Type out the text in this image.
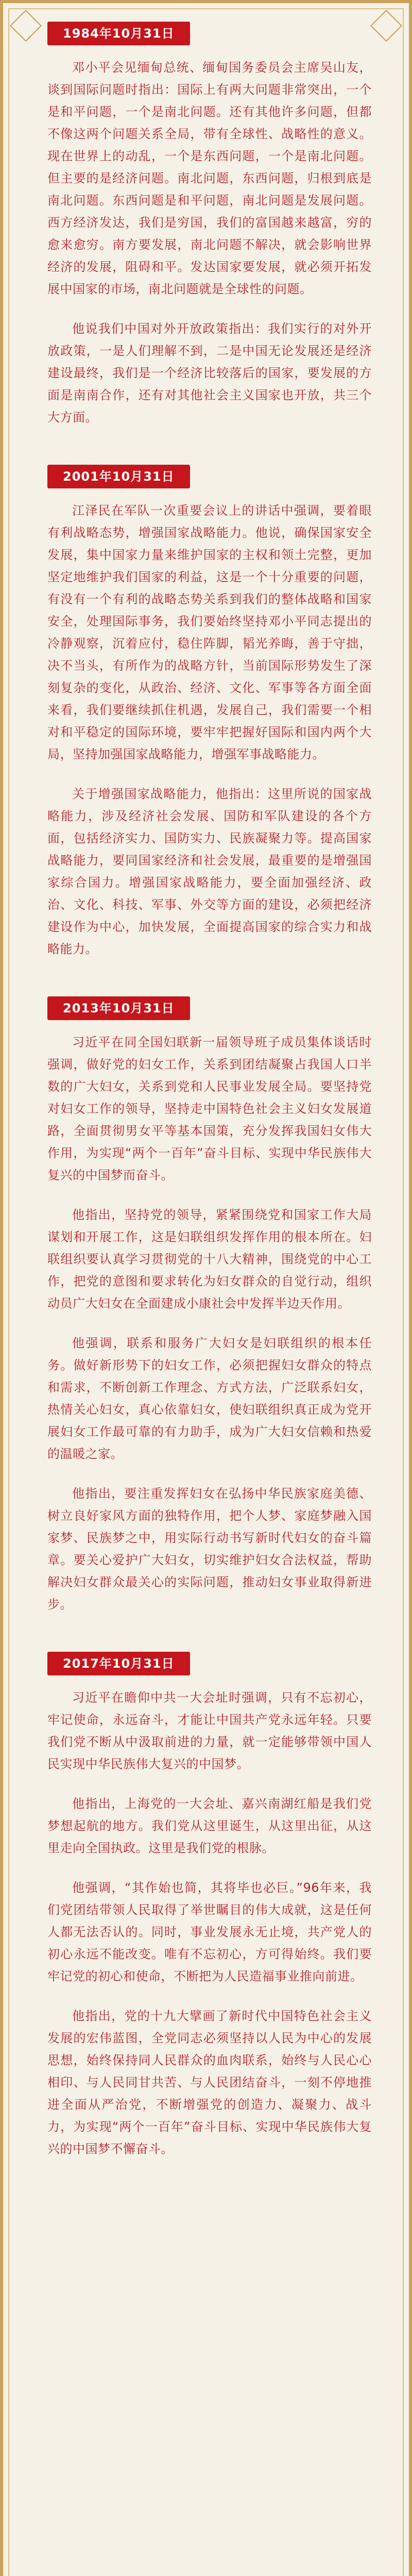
1984年10月31日

邓小平会见缅甸总统、缅甸国务委员会主席吴山友，谈到国际问题时指出：国际上有两大问题非常突出，一个是和平问题，一个是南北问题。还有其他许多问题，但都不像这两个问题关系全局，带有全球性、战略性的意义。现在世界上的动乱，一个是东西问题，一个是南北问题。但主要的是经济问题。南北问题，东西问题，归根到底是南北问题。东西问题是和平问题，南北问题是发展问题。西方经济发达，我们是穷国，我们的富国越来越富，穷的愈来愈穷。南方要发展，南北问题不解决，就会影响世界经济的发展，阻碍和平。发达国家要发展，就必须开拓发展中国家的市场，南北问题就是全球性的问题。

他说我们中国对外开放政策指出：我们实行的对外开放政策，一是人们理解不到，二是中国无论发展还是经济建设最终，我们是一个经济比较落后的国家，要发展的方面是南南合作，还有对其他社会主义国家也开放，共三个大方面。

2001年10月31日

江泽民在军队一次重要会议上的讲话中强调，要着眼有利战略态势，增强国家战略能力。他说，确保国家安全发展，集中国家力量来维护国家的主权和领土完整，更加坚定地维护我们国家的利益，这是一个十分重要的问题，有没有一个有利的战略态势关系到我们的整体战略和国家安全，处理国际事务，我们要始终坚持邓小平同志提出的冷静观察，沉着应付，稳住阵脚，韬光养晦，善于守拙，决不当头，有所作为的战略方针，当前国际形势发生了深刻复杂的变化，从政治、经济、文化、军事等各方面全面来看，我们要继续抓住机遇，发展自己，我们需要一个相对和平稳定的国际环境，要牢牢把握好国际和国内两个大局，坚持加强国家战略能力，增强军事战略能力。

关于增强国家战略能力，他指出：这里所说的国家战略能力，涉及经济社会发展、国防和军队建设的各个方面，包括经济实力、国防实力、民族凝聚力等。提高国家战略能力，要同国家经济和社会发展，最重要的是增强国家综合国力。增强国家战略能力，要全面加强经济、政治、文化、科技、军事、外交等方面的建设，必须把经济建设作为中心，加快发展，全面提高国家的综合实力和战略能力。

2013年10月31日

习近平在同全国妇联新一届领导班子成员集体谈话时强调，做好党的妇女工作，关系到团结凝聚占我国人口半数的广大妇女，关系到党和人民事业发展全局。要坚持党对妇女工作的领导，坚持走中国特色社会主义妇女发展道路，全面贯彻男女平等基本国策，充分发挥我国妇女伟大作用，为实现“两个一百年”奋斗目标、实现中华民族伟大复兴的中国梦而奋斗。

他指出，坚持党的领导，紧紧围绕党和国家工作大局谋划和开展工作，这是妇联组织发挥作用的根本所在。妇联组织要认真学习贯彻党的十八大精神，围绕党的中心工作，把党的意图和要求转化为妇女群众的自觉行动，组织动员广大妇女在全面建成小康社会中发挥半边天作用。

他强调，联系和服务广大妇女是妇联组织的根本任务。做好新形势下的妇女工作，必须把握妇女群众的特点和需求，不断创新工作理念、方式方法，广泛联系妇女，热情关心妇女，真心依靠妇女，使妇联组织真正成为党开展妇女工作最可靠的有力助手，成为广大妇女信赖和热爱的温暖之家。

他指出，要注重发挥妇女在弘扬中华民族家庭美德、树立良好家风方面的独特作用，把个人梦、家庭梦融入国家梦、民族梦之中，用实际行动书写新时代妇女的奋斗篇章。要关心爱护广大妇女，切实维护妇女合法权益，帮助解决妇女群众最关心的实际问题，推动妇女事业取得新进步。

2017年10月31日

习近平在瞻仰中共一大会址时强调，只有不忘初心，牢记使命，永远奋斗，才能让中国共产党永远年轻。只要我们党不断从中汲取前进的力量，就一定能够带领中国人民实现中华民族伟大复兴的中国梦。

他指出，上海党的一大会址、嘉兴南湖红船是我们党梦想起航的地方。我们党从这里诞生，从这里出征，从这里走向全国执政。这里是我们党的根脉。

他强调，“其作始也简，其将毕也必巨。”96年来，我们党团结带领人民取得了举世瞩目的伟大成就，这是任何人都无法否认的。同时，事业发展永无止境，共产党人的初心永远不能改变。唯有不忘初心，方可得始终。我们要牢记党的初心和使命，不断把为人民造福事业推向前进。

他指出，党的十九大擘画了新时代中国特色社会主义发展的宏伟蓝图，全党同志必须坚持以人民为中心的发展思想，始终保持同人民群众的血肉联系，始终与人民心心相印、与人民同甘共苦、与人民团结奋斗，一刻不停地推进全面从严治党，不断增强党的创造力、凝聚力、战斗力，为实现“两个一百年”奋斗目标、实现中华民族伟大复兴的中国梦不懈奋斗。
